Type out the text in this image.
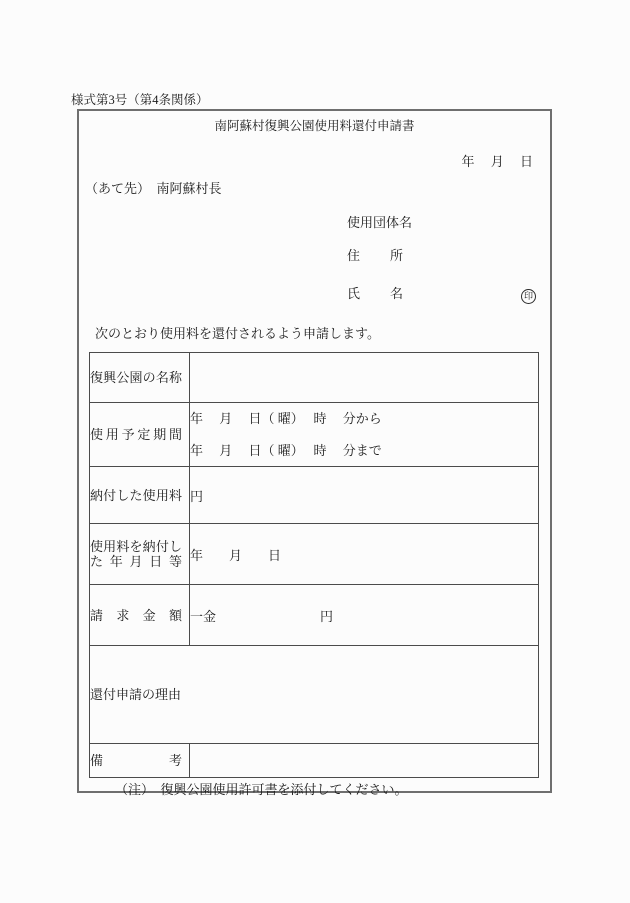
様式第3号（第4条関係）
南阿蘇村復興公園使用料還付申請書
年　 月　 日
（あて先）　南阿蘇村長
使用団体名
住所
氏名	印
次のとおり使用料を還付されるよう申請します。
復興公園の名称	

使用予定期間	年　 月　 日（ 曜）　 時　 分から
年　 月　 日（ 曜）　 時　 分まで

納付した使用料	円

使用料を納付した年月日等	年　　月　　日

請求金額	一金　　　　　　　　円

還付申請の理由	

備考	

（注）　復興公園使用許可書を添付してください。
